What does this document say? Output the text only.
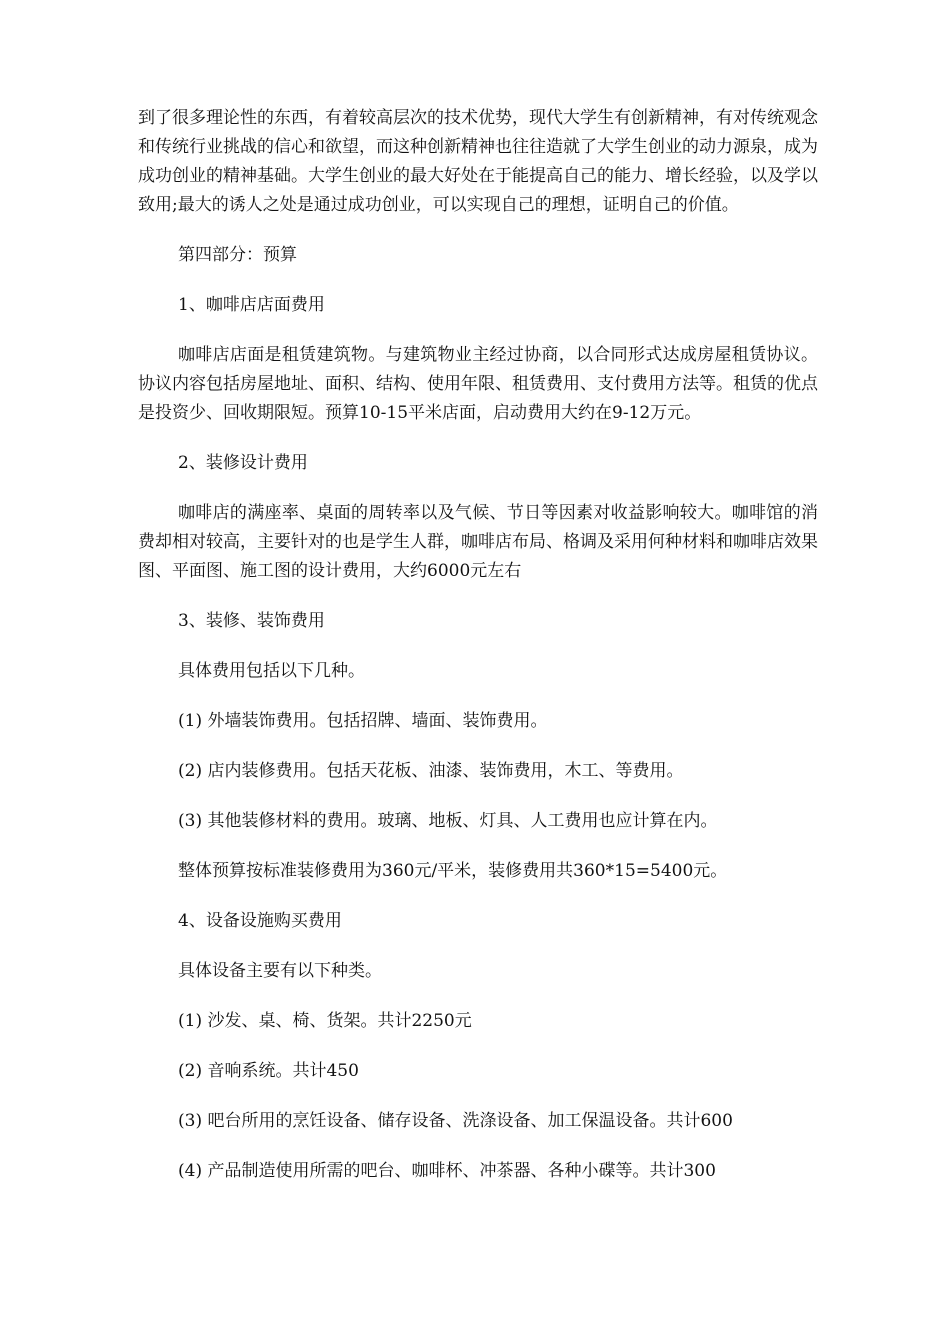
到了很多理论性的东西，有着较高层次的技术优势，现代大学生有创新精神，有对传统观念和传统行业挑战的信心和欲望，而这种创新精神也往往造就了大学生创业的动力源泉，成为成功创业的精神基础。大学生创业的最大好处在于能提高自己的能力、增长经验，以及学以致用;最大的诱人之处是通过成功创业，可以实现自己的理想，证明自己的价值。

第四部分：预算

1、咖啡店店面费用

咖啡店店面是租赁建筑物。与建筑物业主经过协商，以合同形式达成房屋租赁协议。协议内容包括房屋地址、面积、结构、使用年限、租赁费用、支付费用方法等。租赁的优点是投资少、回收期限短。预算10-15平米店面，启动费用大约在9-12万元。

2、装修设计费用

咖啡店的满座率、桌面的周转率以及气候、节日等因素对收益影响较大。咖啡馆的消费却相对较高，主要针对的也是学生人群，咖啡店布局、格调及采用何种材料和咖啡店效果图、平面图、施工图的设计费用，大约6000元左右

3、装修、装饰费用

具体费用包括以下几种。

(1) 外墙装饰费用。包括招牌、墙面、装饰费用。

(2) 店内装修费用。包括天花板、油漆、装饰费用，木工、等费用。

(3) 其他装修材料的费用。玻璃、地板、灯具、人工费用也应计算在内。

整体预算按标准装修费用为360元/平米，装修费用共360*15=5400元。

4、设备设施购买费用

具体设备主要有以下种类。

(1) 沙发、桌、椅、货架。共计2250元

(2) 音响系统。共计450

(3) 吧台所用的烹饪设备、储存设备、洗涤设备、加工保温设备。共计600

(4) 产品制造使用所需的吧台、咖啡杯、冲茶器、各种小碟等。共计300
